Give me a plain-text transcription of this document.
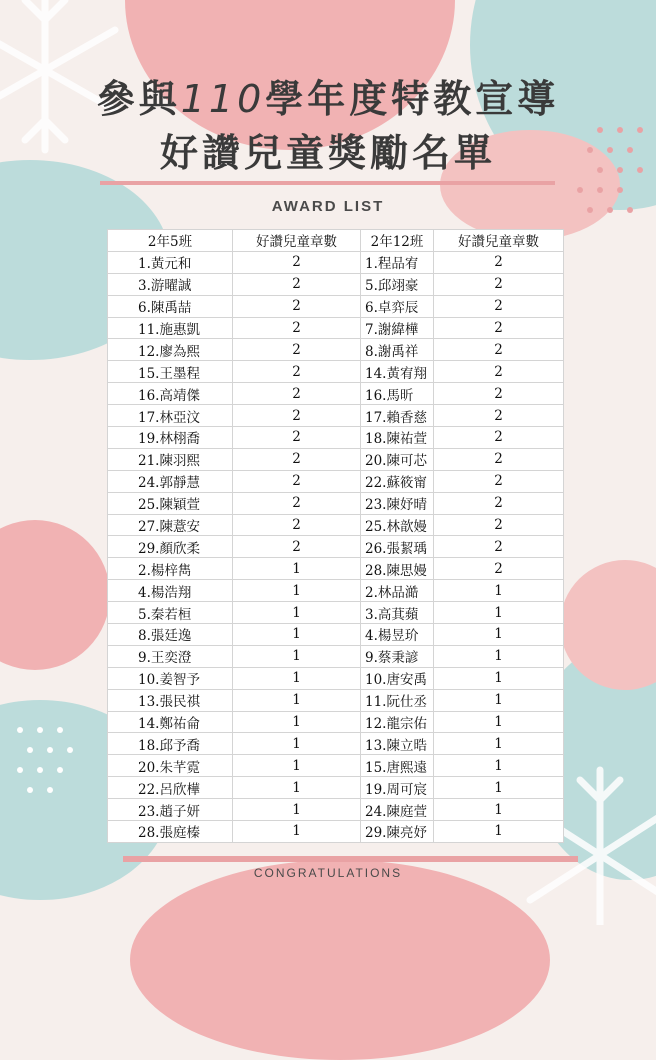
參與110學年度特教宣導
好讚兒童獎勵名單
AWARD LIST
2年5班	好讚兒童章數	2年12班	好讚兒童章數
1.黃元和	2	1.程品宥	2
3.游曜誠	2	5.邱翊豪	2
6.陳禹喆	2	6.卓弈辰	2
11.施惠凱	2	7.謝緯樺	2
12.廖為熙	2	8.謝禹祥	2
15.王墨程	2	14.黃宥翔	2
16.高靖傑	2	16.馬昕	2
17.林亞汶	2	17.賴香慈	2
19.林栩喬	2	18.陳祐萱	2
21.陳羽熙	2	20.陳可芯	2
24.郭靜慧	2	22.蘇筱甯	2
25.陳穎萱	2	23.陳妤晴	2
27.陳薏安	2	25.林歆嫚	2
29.顏欣柔	2	26.張絜瑀	2
2.楊梓雋	1	28.陳思嫚	2
4.楊浩翔	1	2.林品澔	1
5.秦若桓	1	3.高萁蘋	1
8.張廷逸	1	4.楊昱玠	1
9.王奕澄	1	9.蔡秉諺	1
10.姜智予	1	10.唐安禹	1
13.張民祺	1	11.阮仕丞	1
14.鄭祐侖	1	12.龍宗佑	1
18.邱予喬	1	13.陳立晧	1
20.朱芊霓	1	15.唐熙遠	1
22.呂欣樺	1	19.周可宸	1
23.趙子妍	1	24.陳庭萱	1
28.張庭榛	1	29.陳亮妤	1
CONGRATULATIONS
